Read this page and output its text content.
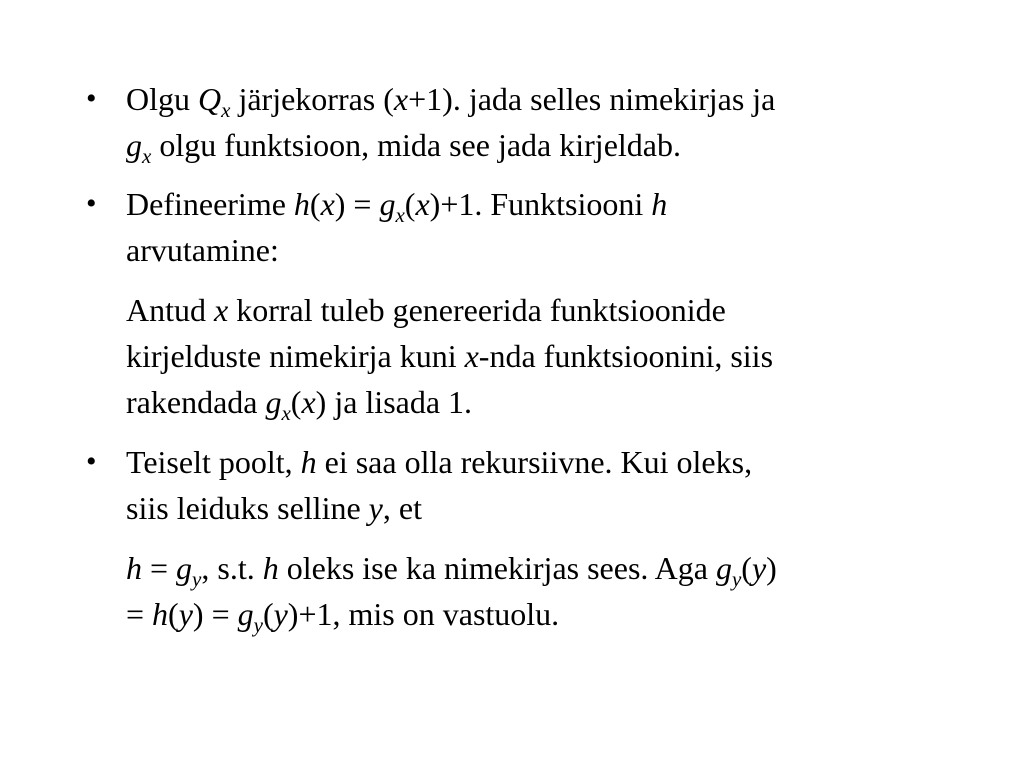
• Olgu $Q_x$ järjekorras (x+1). jada selles nimekirjas ja
$g_x$ olgu funktsioon, mida see jada kirjeldab.
• Defineerime $h(x) = g_x(x)+1$. Funktsiooni h
arvutamine:
Antud x korral tuleb genereerida funktsioonide
kirjelduste nimekirja kuni x-nda funktsioonini, siis
rakendada $g_x(x)$ ja lisada 1.
• Teiselt poolt, h ei saa olla rekursiivne. Kui oleks,
siis leiduks selline y, et
$h = g_y$, s.t. h oleks ise ka nimekirjas sees. Aga $g_y(y)$
= $h(y) = g_y(y)+1$, mis on vastuolu.
